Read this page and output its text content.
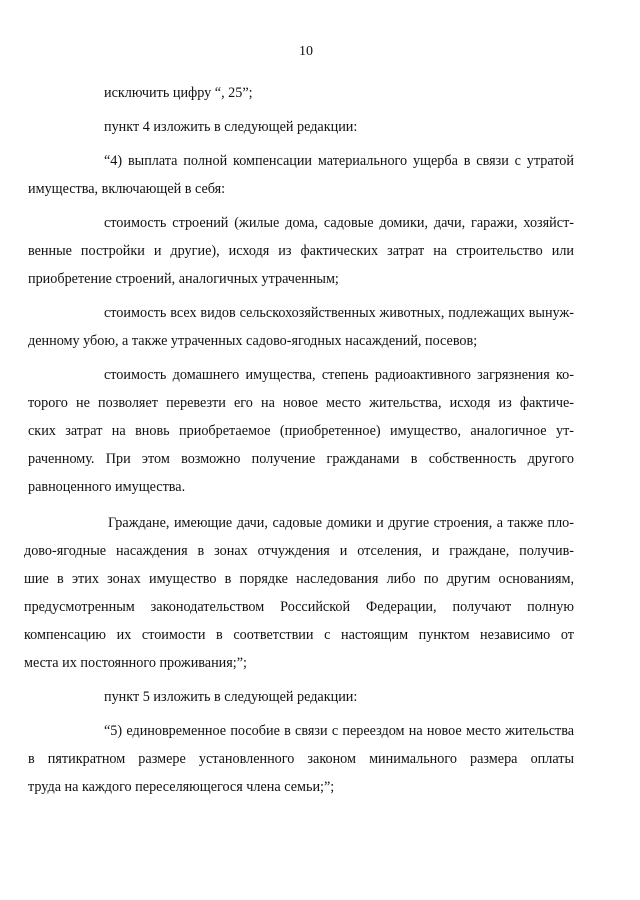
10

исключить цифру “, 25”;

пункт 4 изложить в следующей редакции:

“4) выплата полной компенсации материального ущерба в связи с утратой
имущества, включающей в себя:

стоимость строений (жилые дома, садовые домики, дачи, гаражи, хозяйст-
венные постройки и другие), исходя из фактических затрат на строительство или
приобретение строений, аналогичных утраченным;

стоимость всех видов сельскохозяйственных животных, подлежащих вынуж-
денному убою, а также утраченных садово-ягодных насаждений, посевов;

стоимость домашнего имущества, степень радиоактивного загрязнения ко-
торого не позволяет перевезти его на новое место жительства, исходя из фактиче-
ских затрат на вновь приобретаемое (приобретенное) имущество, аналогичное ут-
раченному. При этом возможно получение гражданами в собственность другого
равноценного имущества.

Граждане, имеющие дачи, садовые домики и другие строения, а также пло-
дово-ягодные насаждения в зонах отчуждения и отселения, и граждане, получив-
шие в этих зонах имущество в порядке наследования либо по другим основаниям,
предусмотренным законодательством Российской Федерации, получают полную
компенсацию их стоимости в соответствии с настоящим пунктом независимо от
места их постоянного проживания;”;

пункт 5 изложить в следующей редакции:

“5) единовременное пособие в связи с переездом на новое место жительства
в пятикратном размере установленного законом минимального размера оплаты
труда на каждого переселяющегося члена семьи;”;
